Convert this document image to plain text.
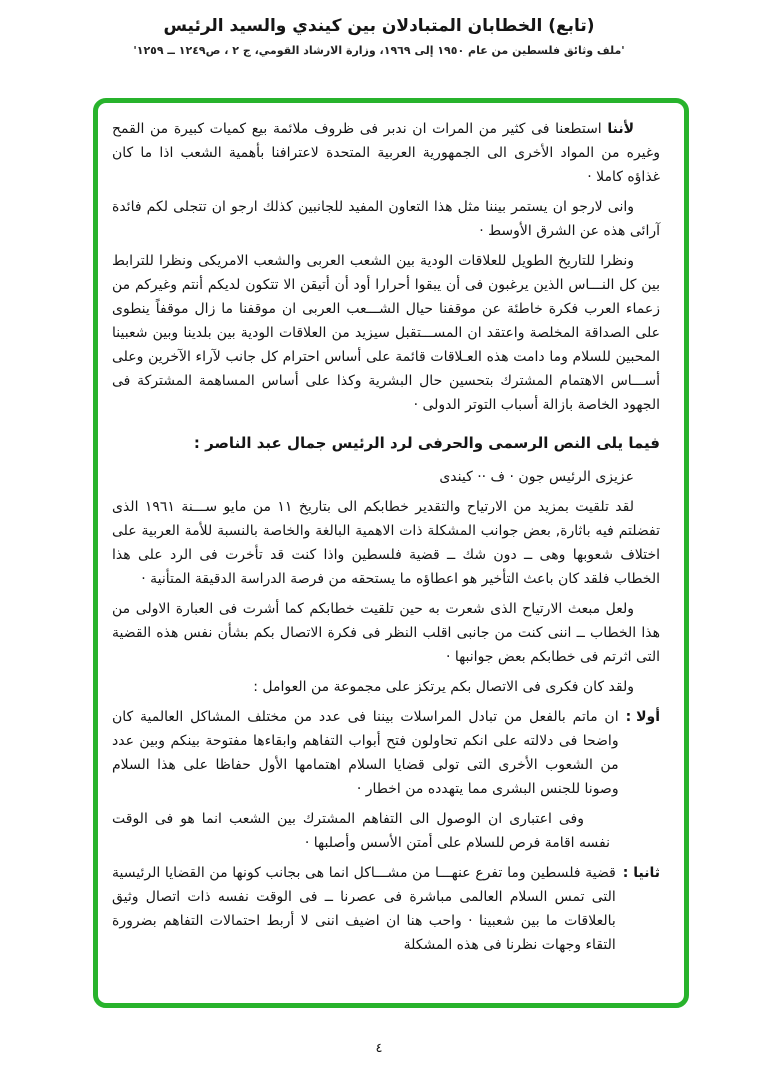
(تابع) الخطابان المتبادلان بين كيندي والسيد الرئيس
'ملف وثائق فلسطين من عام ١٩٥٠ إلى ١٩٦٩، وزارة الارشاد القومي، ج ٢ ، ص١٢٤٩ ــ ١٢٥٩'

لأننا استطعنا فى كثير من المرات ان ندبر فى ظروف ملائمة بيع كميات كبيرة من القمح وغيره من المواد الأخرى الى الجمهورية العربية المتحدة لاعترافنا بأهمية الشعب اذا ما كان غذاؤه كاملا ·

وانى لارجو ان يستمر بيننا مثل هذا التعاون المفيد للجانبين كذلك ارجو ان تتجلى لكم فائدة آرائى هذه عن الشرق الأوسط ·

ونظرا للتاريخ الطويل للعلاقات الودية بين الشعب العربى والشعب الامريكى ونظرا للترابط بين كل النـــاس الذين يرغبون فى أن يبقوا أحرارا أود أن أتيقن الا تتكون لديكم أنتم وغيركم من زعماء العرب فكرة خاطئة عن موقفنا حيال الشـــعب العربى ان موقفنا ما زال موقفاً ينطوى على الصداقة المخلصة واعتقد ان المســـتقبل سيزيد من العلاقات الودية بين بلدينا وبين شعبينا المحبين للسلام وما دامت هذه العـلاقات قائمة على أساس احترام كل جانب لآراء الآخرين وعلى أســـاس الاهتمام المشترك بتحسين حال البشرية وكذا على أساس المساهمة المشتركة فى الجهود الخاصة بازالة أسباب التوتر الدولى ·

فيما يلى النص الرسمى والحرفى لرد الرئيس جمال عبد الناصر :

عزيزى الرئيس جون · ف ·· كيندى

لقد تلقيت بمزيد من الارتياح والتقدير خطابكم الى بتاريخ ١١ من مايو ســـنة ١٩٦١ الذى تفضلتم فيه باثارة, بعض جوانب المشكلة ذات الاهمية البالغة والخاصة بالنسبة للأمة العربية على اختلاف شعوبها وهى ــ دون شك ــ قضية فلسطين واذا كنت قد تأخرت فى الرد على هذا الخطاب فلقد كان باعث التأخير هو اعطاؤه ما يستحقه من فرصة الدراسة الدقيقة المتأنية ·

ولعل مبعث الارتياح الذى شعرت به حين تلقيت خطابكم كما أشرت فى العبارة الاولى من هذا الخطاب ــ اننى كنت من جانبى اقلب النظر فى فكرة الاتصال بكم بشأن نفس هذه القضية التى اثرتم فى خطابكم بعض جوانبها ·

ولقد كان فكرى فى الاتصال بكم يرتكز على مجموعة من العوامل :

أولا :
ان ماتم بالفعل من تبادل المراسلات بيننا فى عدد من مختلف المشاكل العالمية كان واضحا فى دلالته على انكم تحاولون فتح أبواب التفاهم وابقاءها مفتوحة بينكم وبين عدد من الشعوب الأخرى التى تولى قضايا السلام اهتمامها الأول حفاظا على هذا السلام وصونا للجنس البشرى مما يتهدده من اخطار ·

وفى اعتبارى ان الوصول الى التفاهم المشترك بين الشعب انما هو فى الوقت نفسه اقامة فرص للسلام على أمتن الأسس وأصلبها ·

ثانيا :
قضية فلسطين وما تفرع عنهـــا من مشـــاكل انما هى بجانب كونها من القضايا الرئيسية التى تمس السلام العالمى مباشرة فى عصرنا ــ فى الوقت نفسه ذات اتصال وثيق بالعلاقات ما بين شعبينا · واحب هنا ان اضيف اننى لا أربط احتمالات التفاهم بضرورة التقاء وجهات نظرنا فى هذه المشكلة
٤
